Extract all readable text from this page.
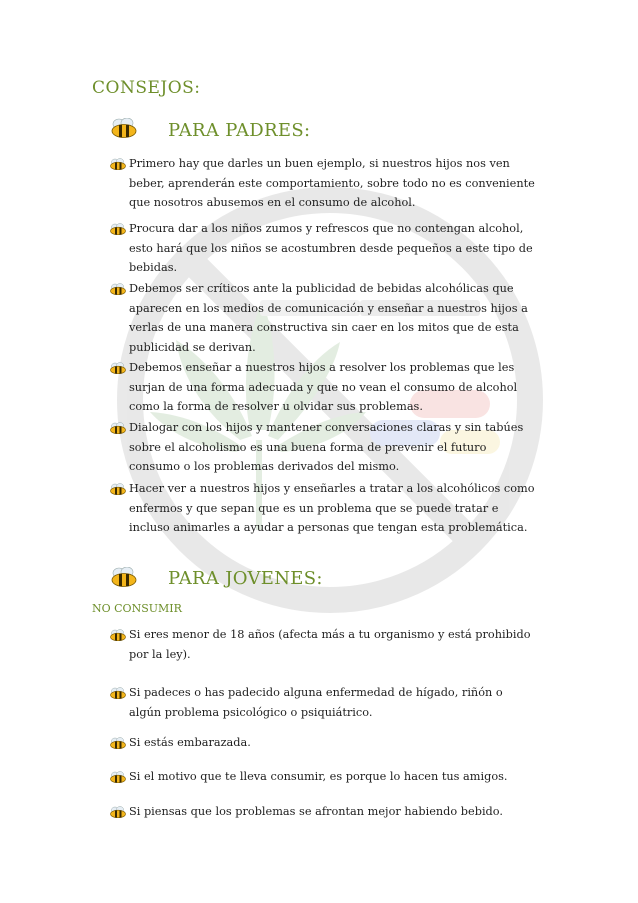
CONSEJOS:
PARA PADRES:
Primero hay que darles un buen ejemplo, si nuestros hijos nos ven beber, aprenderán este comportamiento, sobre todo no es conveniente que nosotros abusemos en el consumo de alcohol.
Procura dar a los niños zumos y refrescos que no contengan alcohol, esto hará que los niños se acostumbren desde pequeños a este tipo de bebidas.
Debemos ser críticos ante la publicidad de bebidas alcohólicas que aparecen en los medios de comunicación y enseñar a nuestros hijos a verlas de una manera constructiva sin caer en los mitos que de esta publicidad se derivan.
Debemos enseñar a nuestros hijos a resolver los problemas que les surjan de una forma adecuada y que no vean el consumo de alcohol como la forma de resolver u olvidar sus problemas.
Dialogar con los hijos y mantener conversaciones claras y sin tabúes sobre el alcoholismo es una buena forma de prevenir el futuro consumo o los problemas derivados del mismo.
Hacer ver a nuestros hijos y enseñarles a tratar a los alcohólicos como enfermos y que sepan que es un problema que se puede tratar e incluso animarles a ayudar a personas que tengan esta problemática.
PARA JOVENES:
NO CONSUMIR
Si eres menor de 18 años (afecta más a tu organismo y está prohibido por la ley).
Si padeces o has padecido alguna enfermedad de hígado, riñón o algún problema psicológico o psiquiátrico.
Si estás embarazada.
Si el motivo que te lleva consumir, es porque lo hacen tus amigos.
Si piensas que los problemas se afrontan mejor habiendo bebido.
